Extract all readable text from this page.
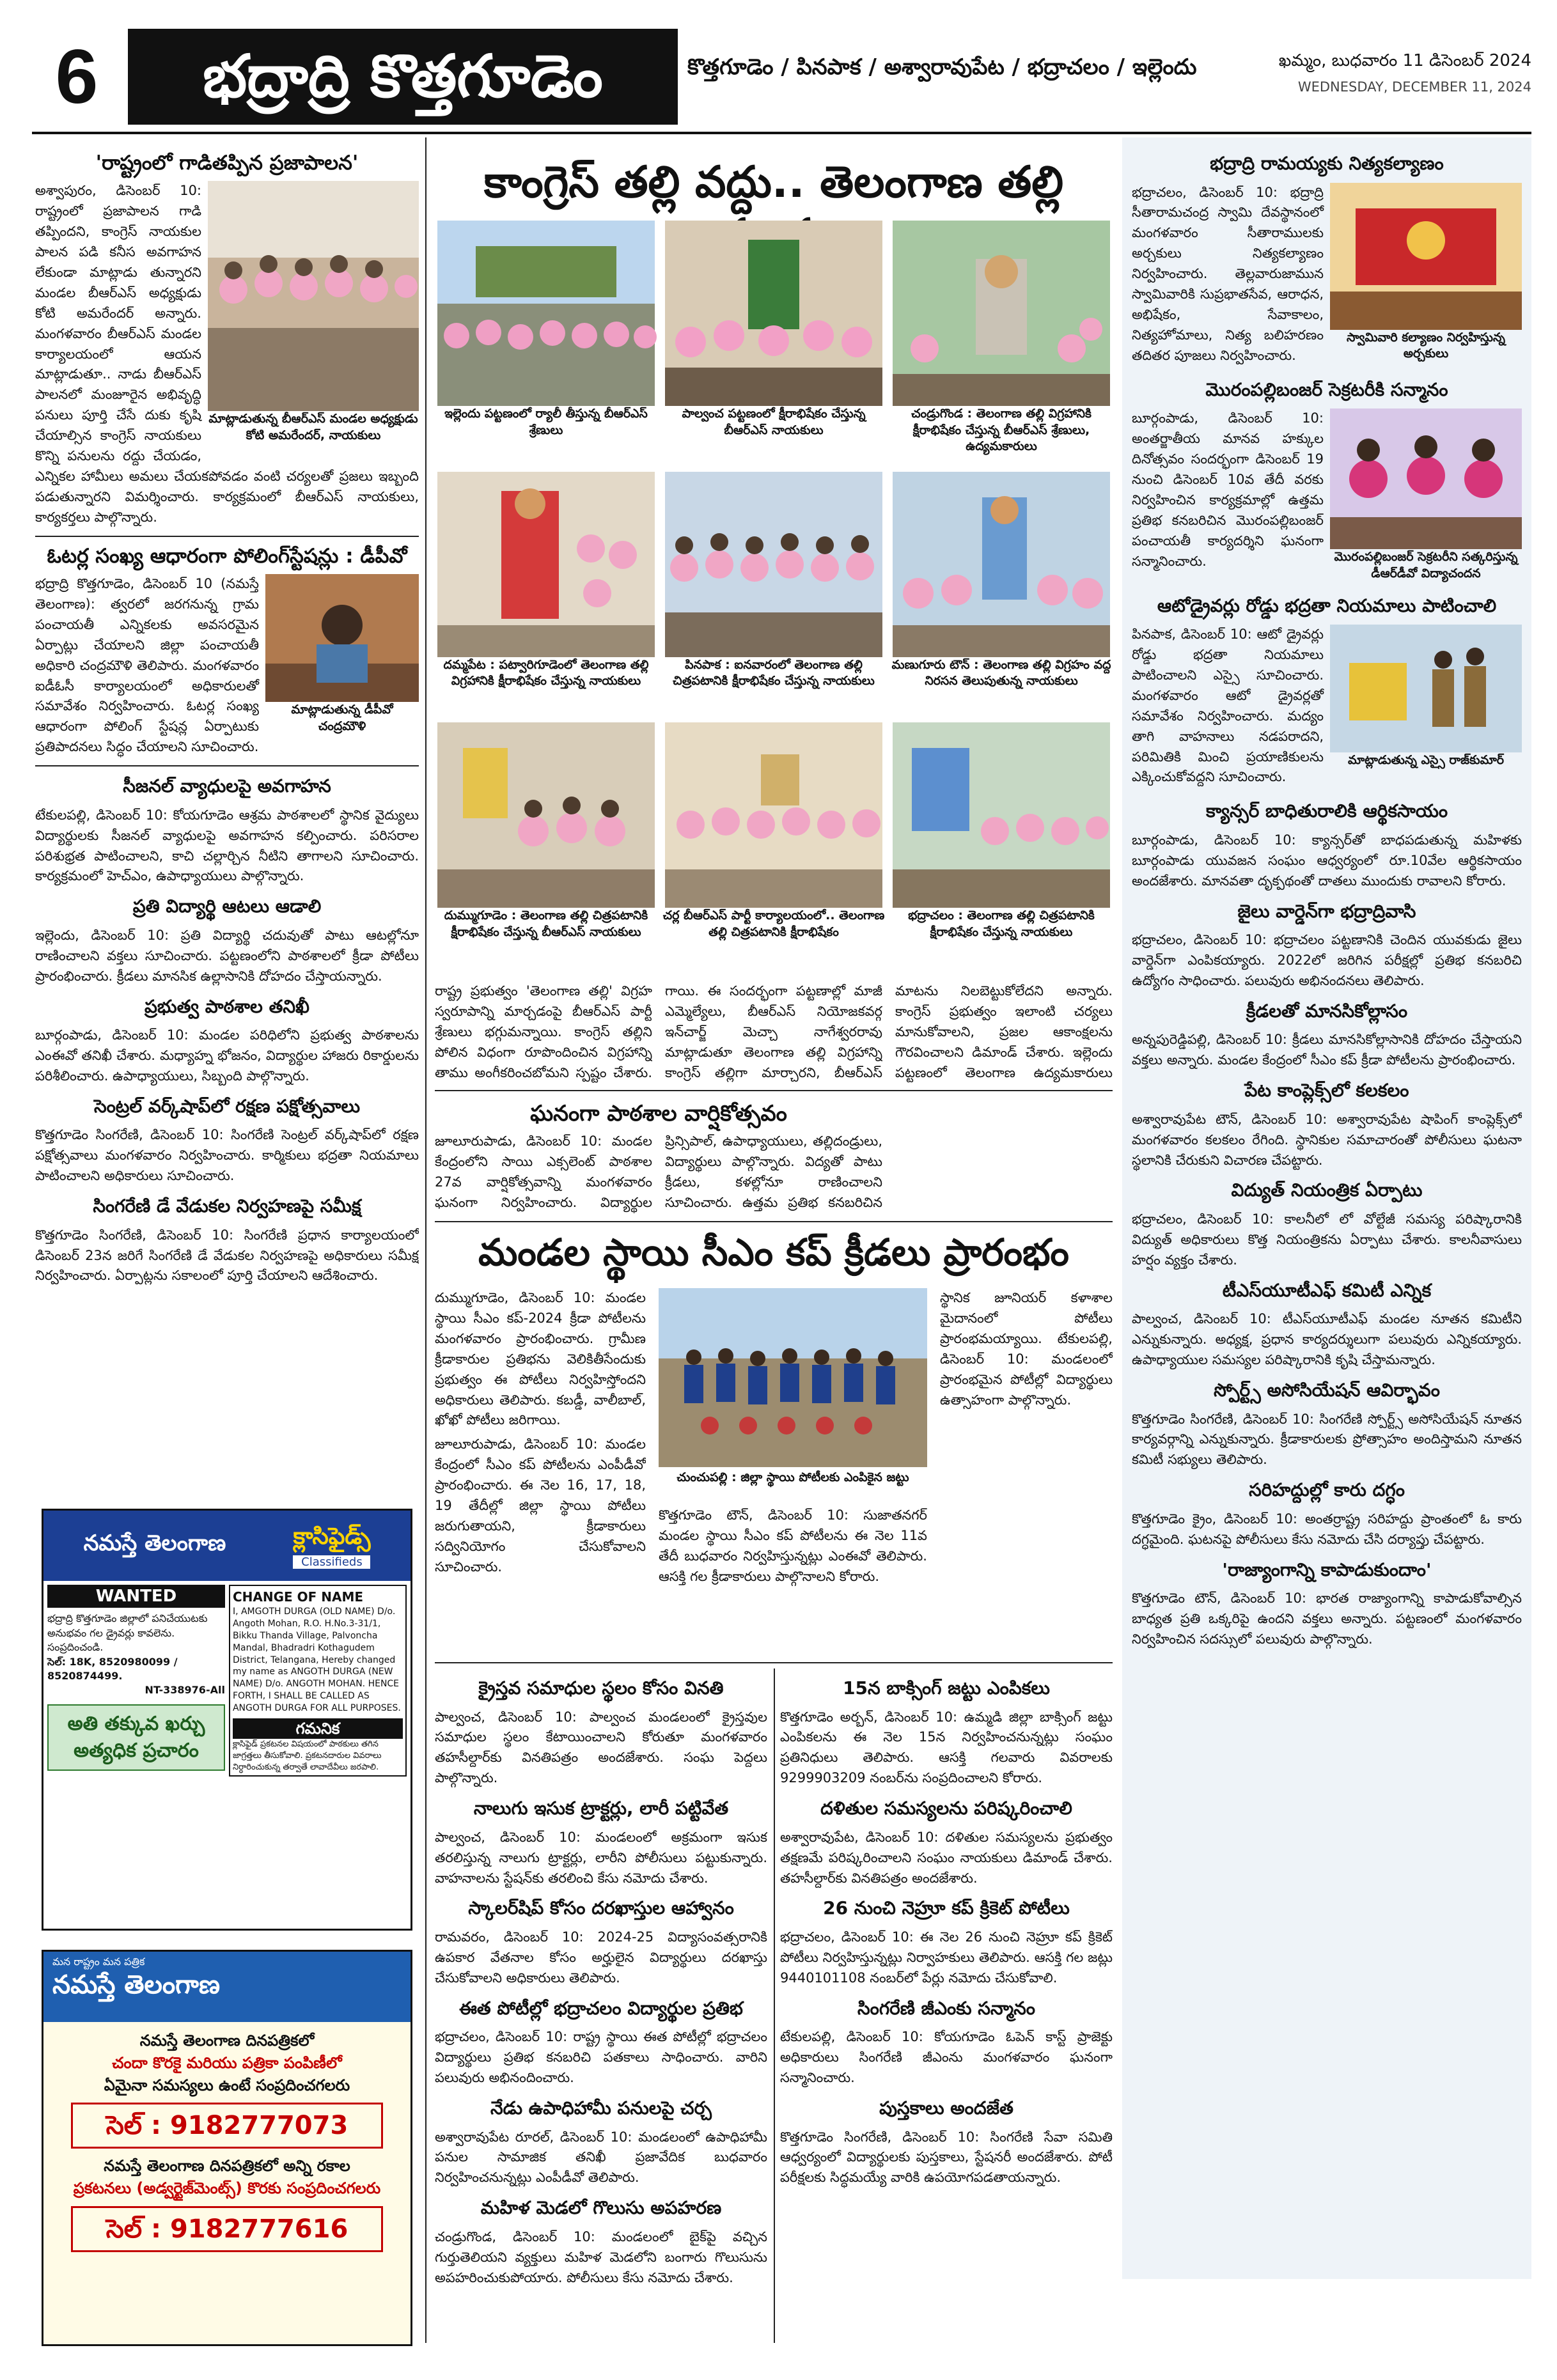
6	భద్రాద్రి కొత్తగూడెం	కొత్తగూడెం / పినపాక / అశ్వారావుపేట / భద్రాచలం / ఇల్లెందు	ఖమ్మం, బుధవారం 11 డిసెంబర్ 2024
WEDNESDAY, DECEMBER 11, 2024
'రాష్ట్రంలో గాడితప్పిన ప్రజాపాలన'
మాట్లాడుతున్న బీఆర్ఎస్ మండల అధ్యక్షుడు కోటి అమరేందర్, నాయకులు

అశ్వాపురం, డిసెంబర్ 10: రాష్ట్రంలో ప్రజాపాలన గాడి తప్పిందని, కాంగ్రెస్ నాయకుల పాలన పడి కనీస అవగాహన లేకుండా మాట్లాడు తున్నారని మండల బీఆర్ఎస్ అధ్యక్షుడు కోటి అమరేందర్ అన్నారు. మంగళవారం బీఆర్ఎస్ మండల కార్యాలయంలో ఆయన మాట్లాడుతూ.. నాడు బీఆర్ఎస్ పాలనలో మంజూరైన అభివృద్ధి పనులు పూర్తి చేసే దుకు కృషి చేయాల్సిన కాంగ్రెస్ నాయకులు కొన్ని పనులను రద్దు చేయడం, ఎన్నికల హామీలు అమలు చేయకపోవడం వంటి చర్యలతో ప్రజలు ఇబ్బంది పడుతున్నారని విమర్శించారు. కార్యక్రమంలో బీఆర్ఎస్ నాయకులు, కార్యకర్తలు పాల్గొన్నారు.

ఓటర్ల సంఖ్య ఆధారంగా పోలింగ్‌స్టేషన్లు : డీపీవో
మాట్లాడుతున్న డీపీవో చంద్రమౌళి

భద్రాద్రి కొత్తగూడెం, డిసెంబర్ 10 (నమస్తే తెలంగాణ): త్వరలో జరగనున్న గ్రామ పంచాయతీ ఎన్నికలకు అవసరమైన ఏర్పాట్లు చేయాలని జిల్లా పంచాయతీ అధికారి చంద్రమౌళి తెలిపారు. మంగళవారం ఐడీఓసీ కార్యాలయంలో అధికారులతో సమావేశం నిర్వహించారు. ఓటర్ల సంఖ్య ఆధారంగా పోలింగ్ స్టేషన్ల ఏర్పాటుకు ప్రతిపాదనలు సిద్ధం చేయాలని సూచించారు.

సీజనల్ వ్యాధులపై అవగాహన

టేకులపల్లి, డిసెంబర్ 10: కోయగూడెం ఆశ్రమ పాఠశాలలో స్థానిక వైద్యులు విద్యార్థులకు సీజనల్ వ్యాధులపై అవగాహన కల్పించారు. పరిసరాల పరిశుభ్రత పాటించాలని, కాచి చల్లార్చిన నీటిని తాగాలని సూచించారు. కార్యక్రమంలో హెచ్‌ఎం, ఉపాధ్యాయులు పాల్గొన్నారు.

ప్రతి విద్యార్థి ఆటలు ఆడాలి

ఇల్లెందు, డిసెంబర్ 10: ప్రతి విద్యార్థి చదువుతో పాటు ఆటల్లోనూ రాణించాలని వక్తలు సూచించారు. పట్టణంలోని పాఠశాలలో క్రీడా పోటీలు ప్రారంభించారు. క్రీడలు మానసిక ఉల్లాసానికి దోహదం చేస్తాయన్నారు.

ప్రభుత్వ పాఠశాల తనిఖీ

బూర్గంపాడు, డిసెంబర్ 10: మండల పరిధిలోని ప్రభుత్వ పాఠశాలను ఎంఈవో తనిఖీ చేశారు. మధ్యాహ్న భోజనం, విద్యార్థుల హాజరు రికార్డులను పరిశీలించారు. ఉపాధ్యాయులు, సిబ్బంది పాల్గొన్నారు.

సెంట్రల్ వర్క్‌షాప్‌లో రక్షణ పక్షోత్సవాలు

కొత్తగూడెం సింగరేణి, డిసెంబర్ 10: సింగరేణి సెంట్రల్ వర్క్‌షాప్‌లో రక్షణ పక్షోత్సవాలు మంగళవారం నిర్వహించారు. కార్మికులు భద్రతా నియమాలు పాటించాలని అధికారులు సూచించారు.

సింగరేణి డే వేడుకల నిర్వహణపై సమీక్ష

కొత్తగూడెం సింగరేణి, డిసెంబర్ 10: సింగరేణి ప్రధాన కార్యాలయంలో డిసెంబర్ 23న జరిగే సింగరేణి డే వేడుకల నిర్వహణపై అధికారులు సమీక్ష నిర్వహించారు. ఏర్పాట్లను సకాలంలో పూర్తి చేయాలని ఆదేశించారు.

నమస్తే తెలంగాణ	క్లాసిఫైడ్స్
Classifieds
WANTED

భద్రాద్రి కొత్తగూడెం జిల్లాలో పనిచేయుటకు అనుభవం గల డ్రైవర్లు కావలెను. సంప్రదించండి.

సెల్: 18K, 8520980099 / 8520874499.

NT-338976-All

అతి తక్కువ ఖర్చు
అత్యధిక ప్రచారం
CHANGE OF NAME

I, AMGOTH DURGA (OLD NAME) D/o. Angoth Mohan, R.O. H.No.3-31/1, Bikku Thanda Village, Palvoncha Mandal, Bhadradri Kothagudem District, Telangana, Hereby changed my name as ANGOTH DURGA (NEW NAME) D/o. ANGOTH MOHAN. HENCE FORTH, I SHALL BE CALLED AS ANGOTH DURGA FOR ALL PURPOSES.

గమనిక

క్లాసిఫైడ్ ప్రకటనల విషయంలో పాఠకులు తగిన జాగ్రత్తలు తీసుకోవాలి. ప్రకటనదారుల వివరాలు నిర్ధారించుకున్న తర్వాతే లావాదేవీలు జరపాలి.

మన రాష్ట్రం మన పత్రిక
నమస్తే తెలంగాణ
నమస్తే తెలంగాణ దినపత్రికలో
చందా కొరకై మరియు పత్రికా పంపిణీలో
ఏమైనా సమస్యలు ఉంటే సంప్రదించగలరు
సెల్ : 9182777073
నమస్తే తెలంగాణ దినపత్రికలో అన్ని రకాల
ప్రకటనలు (అడ్వర్టైజ్‌మెంట్స్) కొరకు సంప్రదించగలరు
సెల్ : 9182777616
కాంగ్రెస్ తల్లి వద్దు.. తెలంగాణ తల్లి
ఇల్లెందు పట్టణంలో ర్యాలీ తీస్తున్న బీఆర్ఎస్ శ్రేణులు
పాల్వంచ పట్టణంలో క్షీరాభిషేకం చేస్తున్న బీఆర్ఎస్ నాయకులు
చండ్రుగొండ : తెలంగాణ తల్లి విగ్రహానికి క్షీరాభిషేకం చేస్తున్న బీఆర్ఎస్ శ్రేణులు, ఉద్యమకారులు
దమ్మపేట : పట్వారిగూడెంలో తెలంగాణ తల్లి విగ్రహానికి క్షీరాభిషేకం చేస్తున్న నాయకులు
పినపాక : ఐనవారంలో తెలంగాణ తల్లి చిత్రపటానికి క్షీరాభిషేకం చేస్తున్న నాయకులు
మణుగూరు టౌన్ : తెలంగాణ తల్లి విగ్రహం వద్ద నిరసన తెలుపుతున్న నాయకులు
దుమ్ముగూడెం : తెలంగాణ తల్లి చిత్రపటానికి క్షీరాభిషేకం చేస్తున్న బీఆర్ఎస్ నాయకులు
చర్ల బీఆర్ఎస్ పార్టీ కార్యాలయంలో.. తెలంగాణ తల్లి చిత్రపటానికి క్షీరాభిషేకం
భద్రాచలం : తెలంగాణ తల్లి చిత్రపటానికి క్షీరాభిషేకం చేస్తున్న నాయకులు

రాష్ట్ర ప్రభుత్వం 'తెలంగాణ తల్లి' విగ్రహ స్వరూపాన్ని మార్చడంపై బీఆర్ఎస్ పార్టీ శ్రేణులు భగ్గుమన్నాయి. కాంగ్రెస్ తల్లిని పోలిన విధంగా రూపొందించిన విగ్రహాన్ని తాము అంగీకరించబోమని స్పష్టం చేశారు.

గాయి. ఈ సందర్భంగా పట్టణాల్లో మాజీ ఎమ్మెల్యేలు, బీఆర్ఎస్ నియోజకవర్గ ఇన్‌చార్జ్ మెచ్చా నాగేశ్వరరావు మాట్లాడుతూ తెలంగాణ తల్లి విగ్రహాన్ని కాంగ్రెస్ తల్లిగా మార్చారని, బీఆర్ఎస్

మాటను నిలబెట్టుకోలేదని అన్నారు. కాంగ్రెస్ ప్రభుత్వం ఇలాంటి చర్యలు మానుకోవాలని, ప్రజల ఆకాంక్షలను గౌరవించాలని డిమాండ్ చేశారు. ఇల్లెందు పట్టణంలో తెలంగాణ ఉద్యమకారులు

ఘనంగా పాఠశాల వార్షికోత్సవం

జూలూరుపాడు, డిసెంబర్ 10: మండల కేంద్రంలోని సాయి ఎక్సలెంట్ పాఠశాల 27వ వార్షికోత్సవాన్ని మంగళవారం ఘనంగా నిర్వహించారు. విద్యార్థుల

ప్రిన్సిపాల్, ఉపాధ్యాయులు, తల్లిదండ్రులు, విద్యార్థులు పాల్గొన్నారు. విద్యతో పాటు క్రీడలు, కళల్లోనూ రాణించాలని సూచించారు. ఉత్తమ ప్రతిభ కనబరిచిన

మండల స్థాయి సీఎం కప్ క్రీడలు ప్రారంభం

దుమ్ముగూడెం, డిసెంబర్ 10: మండల స్థాయి సీఎం కప్-2024 క్రీడా పోటీలను మంగళవారం ప్రారంభించారు. గ్రామీణ క్రీడాకారుల ప్రతిభను వెలికితీసేందుకు ప్రభుత్వం ఈ పోటీలు నిర్వహిస్తోందని అధికారులు తెలిపారు. కబడ్డీ, వాలీబాల్, ఖోఖో పోటీలు జరిగాయి.

జూలూరుపాడు, డిసెంబర్ 10: మండల కేంద్రంలో సీఎం కప్ పోటీలను ఎంపీడీవో ప్రారంభించారు. ఈ నెల 16, 17, 18, 19 తేదీల్లో జిల్లా స్థాయి పోటీలు జరుగుతాయని, క్రీడాకారులు సద్వినియోగం చేసుకోవాలని సూచించారు.

చుంచుపల్లి : జిల్లా స్థాయి పోటీలకు ఎంపికైన జట్టు

కొత్తగూడెం టౌన్, డిసెంబర్ 10: సుజాతనగర్ మండల స్థాయి సీఎం కప్ పోటీలను ఈ నెల 11వ తేదీ బుధవారం నిర్వహిస్తున్నట్లు ఎంఈవో తెలిపారు. ఆసక్తి గల క్రీడాకారులు పాల్గొనాలని కోరారు.

స్థానిక జూనియర్ కళాశాల మైదానంలో పోటీలు ప్రారంభమయ్యాయి. టేకులపల్లి, డిసెంబర్ 10: మండలంలో ప్రారంభమైన పోటీల్లో విద్యార్థులు ఉత్సాహంగా పాల్గొన్నారు.

క్రైస్తవ సమాధుల స్థలం కోసం వినతి

పాల్వంచ, డిసెంబర్ 10: పాల్వంచ మండలంలో క్రైస్తవుల సమాధుల స్థలం కేటాయించాలని కోరుతూ మంగళవారం తహసీల్దార్‌కు వినతిపత్రం అందజేశారు. సంఘ పెద్దలు పాల్గొన్నారు.

నాలుగు ఇసుక ట్రాక్టర్లు, లారీ పట్టివేత

పాల్వంచ, డిసెంబర్ 10: మండలంలో అక్రమంగా ఇసుక తరలిస్తున్న నాలుగు ట్రాక్టర్లు, లారీని పోలీసులు పట్టుకున్నారు. వాహనాలను స్టేషన్‌కు తరలించి కేసు నమోదు చేశారు.

స్కాలర్‌షిప్ కోసం దరఖాస్తుల ఆహ్వానం

రామవరం, డిసెంబర్ 10: 2024-25 విద్యాసంవత్సరానికి ఉపకార వేతనాల కోసం అర్హులైన విద్యార్థులు దరఖాస్తు చేసుకోవాలని అధికారులు తెలిపారు.

ఈత పోటీల్లో భద్రాచలం విద్యార్థుల ప్రతిభ

భద్రాచలం, డిసెంబర్ 10: రాష్ట్ర స్థాయి ఈత పోటీల్లో భద్రాచలం విద్యార్థులు ప్రతిభ కనబరిచి పతకాలు సాధించారు. వారిని పలువురు అభినందించారు.

నేడు ఉపాధిహామీ పనులపై చర్చ

అశ్వారావుపేట రూరల్, డిసెంబర్ 10: మండలంలో ఉపాధిహామీ పనుల సామాజిక తనిఖీ ప్రజావేదిక బుధవారం నిర్వహించనున్నట్లు ఎంపీడీవో తెలిపారు.

మహిళ మెడలో గొలుసు అపహరణ

చండ్రుగొండ, డిసెంబర్ 10: మండలంలో బైక్‌పై వచ్చిన గుర్తుతెలియని వ్యక్తులు మహిళ మెడలోని బంగారు గొలుసును అపహరించుకుపోయారు. పోలీసులు కేసు నమోదు చేశారు.

15న బాక్సింగ్ జట్టు ఎంపికలు

కొత్తగూడెం అర్బన్, డిసెంబర్ 10: ఉమ్మడి జిల్లా బాక్సింగ్ జట్టు ఎంపికలను ఈ నెల 15న నిర్వహించనున్నట్లు సంఘం ప్రతినిధులు తెలిపారు. ఆసక్తి గలవారు వివరాలకు 9299903209 నంబర్‌ను సంప్రదించాలని కోరారు.

దళితుల సమస్యలను పరిష్కరించాలి

అశ్వారావుపేట, డిసెంబర్ 10: దళితుల సమస్యలను ప్రభుత్వం తక్షణమే పరిష్కరించాలని సంఘం నాయకులు డిమాండ్ చేశారు. తహసీల్దార్‌కు వినతిపత్రం అందజేశారు.

26 నుంచి నెహ్రూ కప్ క్రికెట్ పోటీలు

భద్రాచలం, డిసెంబర్ 10: ఈ నెల 26 నుంచి నెహ్రూ కప్ క్రికెట్ పోటీలు నిర్వహిస్తున్నట్లు నిర్వాహకులు తెలిపారు. ఆసక్తి గల జట్లు 9440101108 నంబర్‌లో పేర్లు నమోదు చేసుకోవాలి.

సింగరేణి జీఎంకు సన్మానం

టేకులపల్లి, డిసెంబర్ 10: కోయగూడెం ఓపెన్ కాస్ట్ ప్రాజెక్టు అధికారులు సింగరేణి జీఎంను మంగళవారం ఘనంగా సన్మానించారు.

పుస్తకాలు అందజేత

కొత్తగూడెం సింగరేణి, డిసెంబర్ 10: సింగరేణి సేవా సమితి ఆధ్వర్యంలో విద్యార్థులకు పుస్తకాలు, స్టేషనరీ అందజేశారు. పోటీ పరీక్షలకు సిద్ధమయ్యే వారికి ఉపయోగపడతాయన్నారు.

భద్రాద్రి రామయ్యకు నిత్యకల్యాణం
స్వామివారి కల్యాణం నిర్వహిస్తున్న అర్చకులు

భద్రాచలం, డిసెంబర్ 10: భద్రాద్రి సీతారామచంద్ర స్వామి దేవస్థానంలో మంగళవారం సీతారాములకు అర్చకులు నిత్యకల్యాణం నిర్వహించారు. తెల్లవారుజామున స్వామివారికి సుప్రభాతసేవ, ఆరాధన, అభిషేకం, సేవాకాలం, నిత్యహోమాలు, నిత్య బలిహరణం తదితర పూజలు నిర్వహించారు.

మొరంపల్లిబంజర్ సెక్రటరీకి సన్మానం
మొరంపల్లిబంజర్ సెక్రటరీని సత్కరిస్తున్న డీఆర్‌డీవో విద్యాచందన

బూర్గంపాడు, డిసెంబర్ 10: అంతర్జాతీయ మానవ హక్కుల దినోత్సవం సందర్భంగా డిసెంబర్ 19 నుంచి డిసెంబర్ 10వ తేదీ వరకు నిర్వహించిన కార్యక్రమాల్లో ఉత్తమ ప్రతిభ కనబరిచిన మొరంపల్లిబంజర్ పంచాయతీ కార్యదర్శిని ఘనంగా సన్మానించారు.

ఆటోడ్రైవర్లు రోడ్డు భద్రతా నియమాలు పాటించాలి
మాట్లాడుతున్న ఎస్సై రాజ్‌కుమార్

పినపాక, డిసెంబర్ 10: ఆటో డ్రైవర్లు రోడ్డు భద్రతా నియమాలు పాటించాలని ఎస్సై సూచించారు. మంగళవారం ఆటో డ్రైవర్లతో సమావేశం నిర్వహించారు. మద్యం తాగి వాహనాలు నడపరాదని, పరిమితికి మించి ప్రయాణికులను ఎక్కించుకోవద్దని సూచించారు.

క్యాన్సర్ బాధితురాలికి ఆర్థికసాయం

బూర్గంపాడు, డిసెంబర్ 10: క్యాన్సర్‌తో బాధపడుతున్న మహిళకు బూర్గంపాడు యువజన సంఘం ఆధ్వర్యంలో రూ.10వేల ఆర్థికసాయం అందజేశారు. మానవతా దృక్పథంతో దాతలు ముందుకు రావాలని కోరారు.

జైలు వార్డెన్‌గా భద్రాద్రివాసి

భద్రాచలం, డిసెంబర్ 10: భద్రాచలం పట్టణానికి చెందిన యువకుడు జైలు వార్డెన్‌గా ఎంపికయ్యారు. 2022లో జరిగిన పరీక్షల్లో ప్రతిభ కనబరిచి ఉద్యోగం సాధించారు. పలువురు అభినందనలు తెలిపారు.

క్రీడలతో మానసికోల్లాసం

అన్నపురెడ్డిపల్లి, డిసెంబర్ 10: క్రీడలు మానసికోల్లాసానికి దోహదం చేస్తాయని వక్తలు అన్నారు. మండల కేంద్రంలో సీఎం కప్ క్రీడా పోటీలను ప్రారంభించారు.

పేట కాంప్లెక్స్‌లో కలకలం

అశ్వారావుపేట టౌన్, డిసెంబర్ 10: అశ్వారావుపేట షాపింగ్ కాంప్లెక్స్‌లో మంగళవారం కలకలం రేగింది. స్థానికుల సమాచారంతో పోలీసులు ఘటనా స్థలానికి చేరుకుని విచారణ చేపట్టారు.

విద్యుత్ నియంత్రిక ఏర్పాటు

భద్రాచలం, డిసెంబర్ 10: కాలనీలో లో వోల్టేజీ సమస్య పరిష్కారానికి విద్యుత్ అధికారులు కొత్త నియంత్రికను ఏర్పాటు చేశారు. కాలనీవాసులు హర్షం వ్యక్తం చేశారు.

టీఎస్‌యూటీఎఫ్ కమిటీ ఎన్నిక

పాల్వంచ, డిసెంబర్ 10: టీఎస్‌యూటీఎఫ్ మండల నూతన కమిటీని ఎన్నుకున్నారు. అధ్యక్ష, ప్రధాన కార్యదర్శులుగా పలువురు ఎన్నికయ్యారు. ఉపాధ్యాయుల సమస్యల పరిష్కారానికి కృషి చేస్తామన్నారు.

స్పోర్ట్స్ అసోసియేషన్ ఆవిర్భావం

కొత్తగూడెం సింగరేణి, డిసెంబర్ 10: సింగరేణి స్పోర్ట్స్ అసోసియేషన్ నూతన కార్యవర్గాన్ని ఎన్నుకున్నారు. క్రీడాకారులకు ప్రోత్సాహం అందిస్తామని నూతన కమిటీ సభ్యులు తెలిపారు.

సరిహద్దుల్లో కారు దగ్ధం

కొత్తగూడెం క్రైం, డిసెంబర్ 10: అంతర్రాష్ట్ర సరిహద్దు ప్రాంతంలో ఓ కారు దగ్ధమైంది. ఘటనపై పోలీసులు కేసు నమోదు చేసి దర్యాప్తు చేపట్టారు.

'రాజ్యాంగాన్ని కాపాడుకుందాం'

కొత్తగూడెం టౌన్, డిసెంబర్ 10: భారత రాజ్యాంగాన్ని కాపాడుకోవాల్సిన బాధ్యత ప్రతి ఒక్కరిపై ఉందని వక్తలు అన్నారు. పట్టణంలో మంగళవారం నిర్వహించిన సదస్సులో పలువురు పాల్గొన్నారు.
